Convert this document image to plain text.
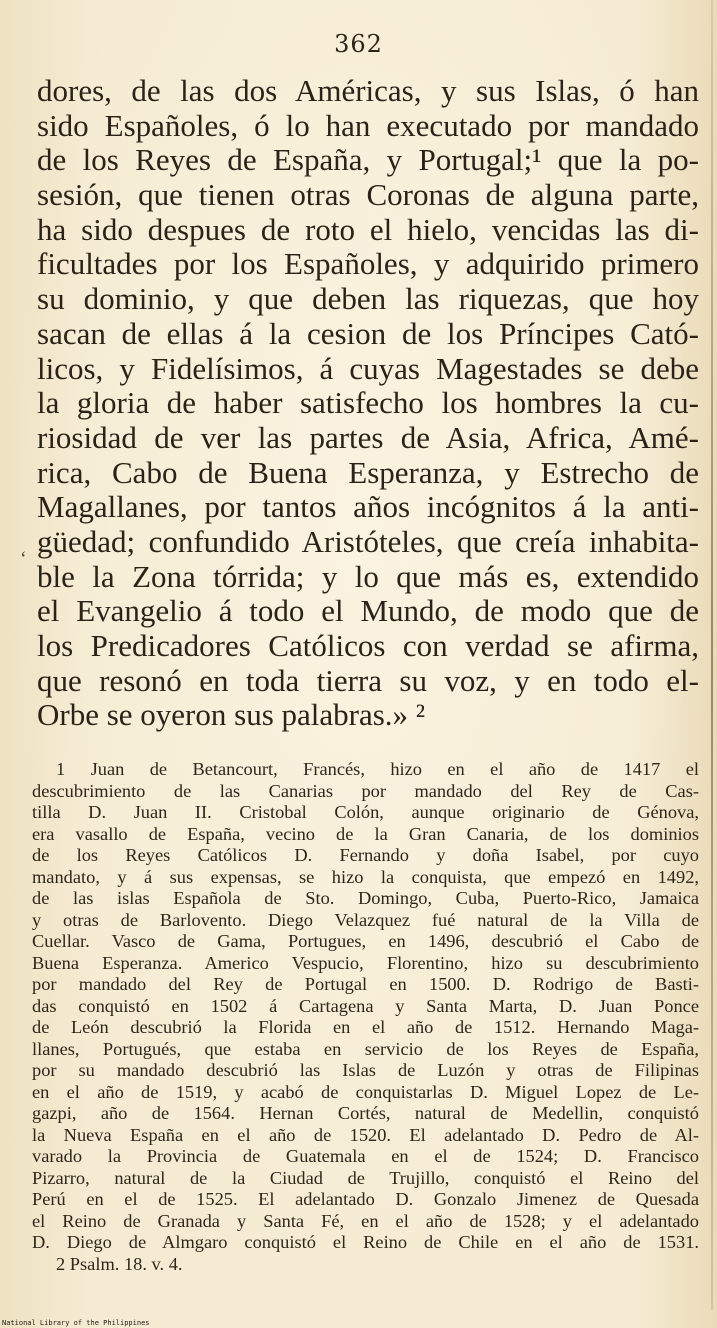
362
‘
dores, de las dos Américas, y sus Islas, ó han
sido Españoles, ó lo han executado por mandado
de los Reyes de España, y Portugal;¹ que la po-
sesión, que tienen otras Coronas de alguna parte,
ha sido despues de roto el hielo, vencidas las di-
ficultades por los Españoles, y adquirido primero
su dominio, y que deben las riquezas, que hoy
sacan de ellas á la cesion de los Príncipes Cató-
licos, y Fidelísimos, á cuyas Magestades se debe
la gloria de haber satisfecho los hombres la cu-
riosidad de ver las partes de Asia, Africa, Amé-
rica, Cabo de Buena Esperanza, y Estrecho de
Magallanes, por tantos años incógnitos á la anti-
güedad; confundido Aristóteles, que creía inhabita-
ble la Zona tórrida; y lo que más es, extendido
el Evangelio á todo el Mundo, de modo que de
los Predicadores Católicos con verdad se afirma,
que resonó en toda tierra su voz, y en todo el-
Orbe se oyeron sus palabras.» ²
1 Juan de Betancourt, Francés, hizo en el año de 1417 el
descubrimiento de las Canarias por mandado del Rey de Cas-
tilla D. Juan II. Cristobal Colón, aunque originario de Génova,
era vasallo de España, vecino de la Gran Canaria, de los dominios
de los Reyes Católicos D. Fernando y doña Isabel, por cuyo
mandato, y á sus expensas, se hizo la conquista, que empezó en 1492,
de las islas Española de Sto. Domingo, Cuba, Puerto-Rico, Jamaica
y otras de Barlovento. Diego Velazquez fué natural de la Villa de
Cuellar. Vasco de Gama, Portugues, en 1496, descubrió el Cabo de
Buena Esperanza. Americo Vespucio, Florentino, hizo su descubrimiento
por mandado del Rey de Portugal en 1500. D. Rodrigo de Basti-
das conquistó en 1502 á Cartagena y Santa Marta, D. Juan Ponce
de León descubrió la Florida en el año de 1512. Hernando Maga-
llanes, Portugués, que estaba en servicio de los Reyes de España,
por su mandado descubrió las Islas de Luzón y otras de Filipinas
en el año de 1519, y acabó de conquistarlas D. Miguel Lopez de Le-
gazpi, año de 1564. Hernan Cortés, natural de Medellin, conquistó
la Nueva España en el año de 1520. El adelantado D. Pedro de Al-
varado la Provincia de Guatemala en el de 1524; D. Francisco
Pizarro, natural de la Ciudad de Trujillo, conquistó el Reino del
Perú en el de 1525. El adelantado D. Gonzalo Jimenez de Quesada
el Reino de Granada y Santa Fé, en el año de 1528; y el adelantado
D. Diego de Almgaro conquistó el Reino de Chile en el año de 1531.
2 Psalm. 18. v. 4.
National Library of the Philippines
